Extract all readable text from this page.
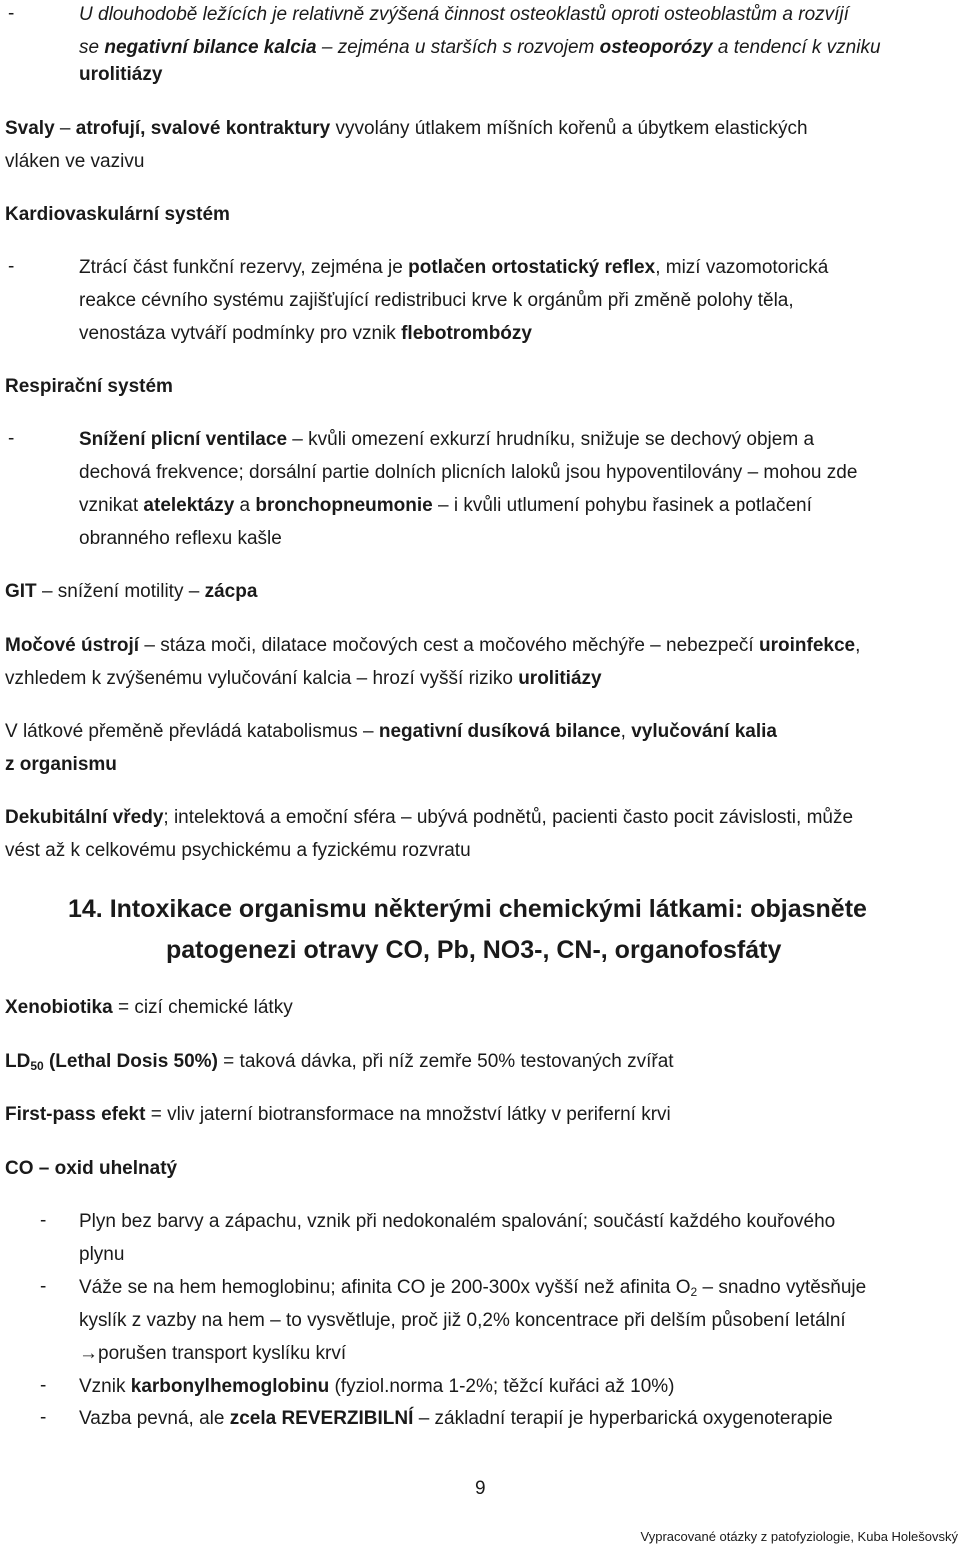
-	U dlouhodobě ležících je relativně zvýšená činnost osteoklastů oproti osteoblastům a rozvíjí
se negativní bilance kalcia – zejména u starších s rozvojem osteoporózy a tendencí k vzniku
urolitiázy
Svaly – atrofují, svalové kontraktury vyvolány útlakem míšních kořenů a úbytkem elastických
vláken ve vazivu
Kardiovaskulární systém
-	Ztrácí část funkční rezervy, zejména je potlačen ortostatický reflex, mizí vazomotorická
reakce cévního systému zajišťující redistribuci krve k orgánům při změně polohy těla,
venostáza vytváří podmínky pro vznik flebotrombózy
Respirační systém
-	Snížení plicní ventilace – kvůli omezení exkurzí hrudníku, snižuje se dechový objem a
dechová frekvence; dorsální partie dolních plicních laloků jsou hypoventilovány – mohou zde
vznikat atelektázy a bronchopneumonie – i kvůli utlumení pohybu řasinek a potlačení
obranného reflexu kašle
GIT – snížení motility – zácpa
Močové ústrojí – stáza moči, dilatace močových cest a močového měchýře – nebezpečí uroinfekce,
vzhledem k zvýšenému vylučování kalcia – hrozí vyšší riziko urolitiázy
V látkové přeměně převládá katabolismus – negativní dusíková bilance, vylučování kalia
z organismu
Dekubitální vředy; intelektová a emoční sféra – ubývá podnětů, pacienti často pocit závislosti, může
vést až k celkovému psychickému a fyzickému rozvratu
14. Intoxikace organismu některými chemickými látkami: objasněte
patogenezi otravy CO, Pb, NO3-, CN-, organofosfáty
Xenobiotika = cizí chemické látky
$LD_{50}$ (Lethal Dosis 50%) = taková dávka, při níž zemře 50% testovaných zvířat
First-pass efekt = vliv jaterní biotransformace na množství látky v periferní krvi
CO – oxid uhelnatý
- Plyn bez barvy a zápachu, vznik při nedokonalém spalování; součástí každého kouřového
plynu
- Váže se na hem hemoglobinu; afinita CO je 200-300x vyšší než afinita $O_2$ – snadno vytěsňuje
kyslík z vazby na hem – to vysvětluje, proč již 0,2% koncentrace při delším působení letální
→porušen transport kyslíku krví
- Vznik karbonylhemoglobinu (fyziol.norma 1-2%; těžcí kuřáci až 10%)
- Vazba pevná, ale zcela REVERZIBILNÍ – základní terapií je hyperbarická oxygenoterapie
9
Vypracované otázky z patofyziologie, Kuba Holešovský
